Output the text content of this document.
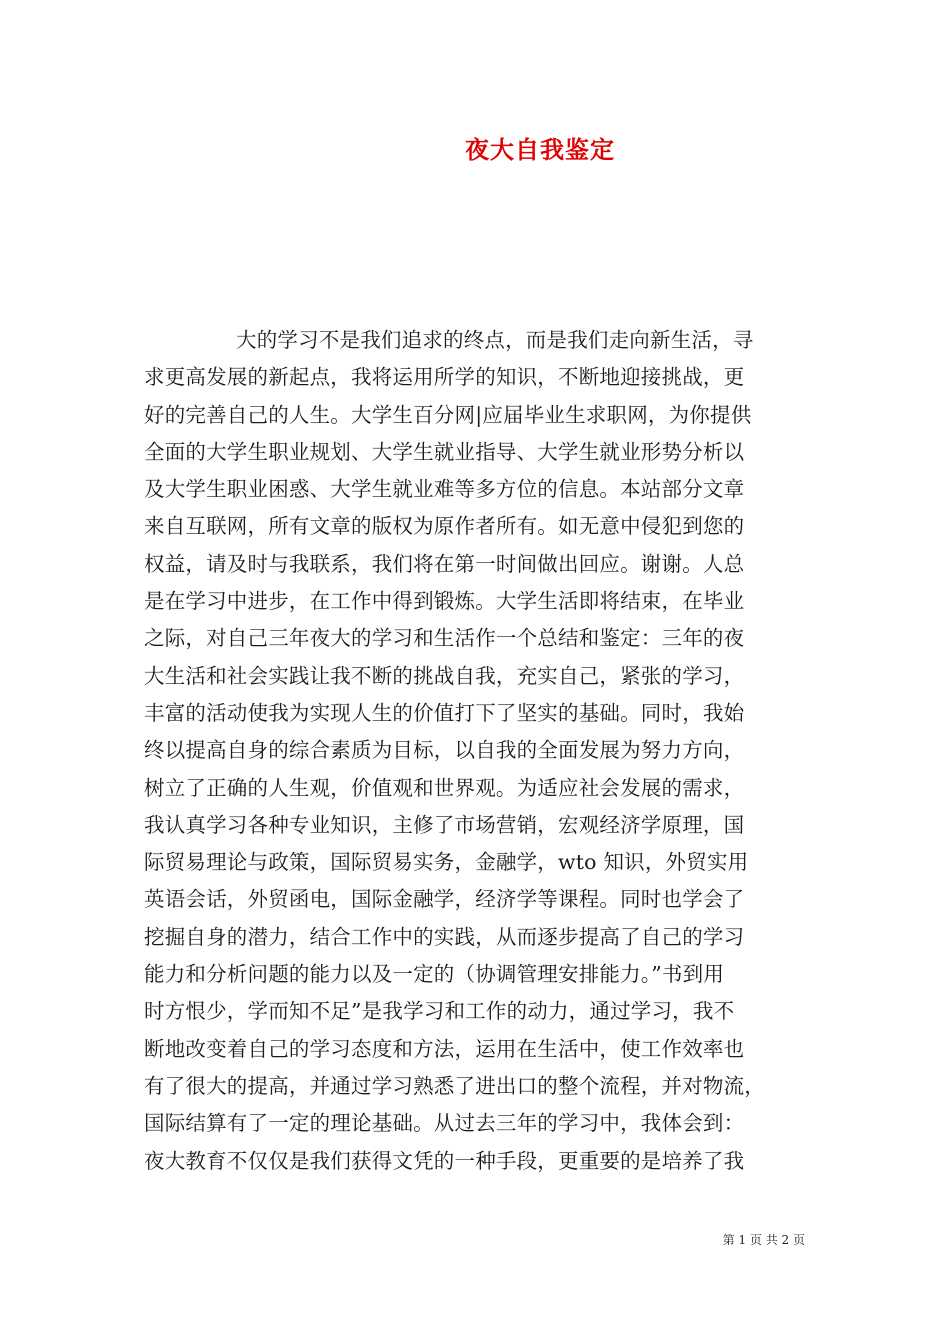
夜大自我鉴定
大的学习不是我们追求的终点，而是我们走向新生活，寻
求更高发展的新起点，我将运用所学的知识，不断地迎接挑战，更
好的完善自己的人生。大学生百分网|应届毕业生求职网，为你提供
全面的大学生职业规划、大学生就业指导、大学生就业形势分析以
及大学生职业困惑、大学生就业难等多方位的信息。本站部分文章
来自互联网，所有文章的版权为原作者所有。如无意中侵犯到您的
权益，请及时与我联系，我们将在第一时间做出回应。谢谢。人总
是在学习中进步，在工作中得到锻炼。大学生活即将结束，在毕业
之际，对自己三年夜大的学习和生活作一个总结和鉴定：三年的夜
大生活和社会实践让我不断的挑战自我，充实自己，紧张的学习，
丰富的活动使我为实现人生的价值打下了坚实的基础。同时，我始
终以提高自身的综合素质为目标，以自我的全面发展为努力方向，
树立了正确的人生观，价值观和世界观。为适应社会发展的需求，
我认真学习各种专业知识，主修了市场营销，宏观经济学原理，国
际贸易理论与政策，国际贸易实务，金融学，wto 知识，外贸实用
英语会话，外贸函电，国际金融学，经济学等课程。同时也学会了
挖掘自身的潜力，结合工作中的实践，从而逐步提高了自己的学习
能力和分析问题的能力以及一定的（协调管理安排能力。”书到用
时方恨少，学而知不足”是我学习和工作的动力，通过学习，我不
断地改变着自己的学习态度和方法，运用在生活中，使工作效率也
有了很大的提高，并通过学习熟悉了进出口的整个流程，并对物流，
国际结算有了一定的理论基础。从过去三年的学习中，我体会到：
夜大教育不仅仅是我们获得文凭的一种手段，更重要的是培养了我
第 1 页 共 2 页
